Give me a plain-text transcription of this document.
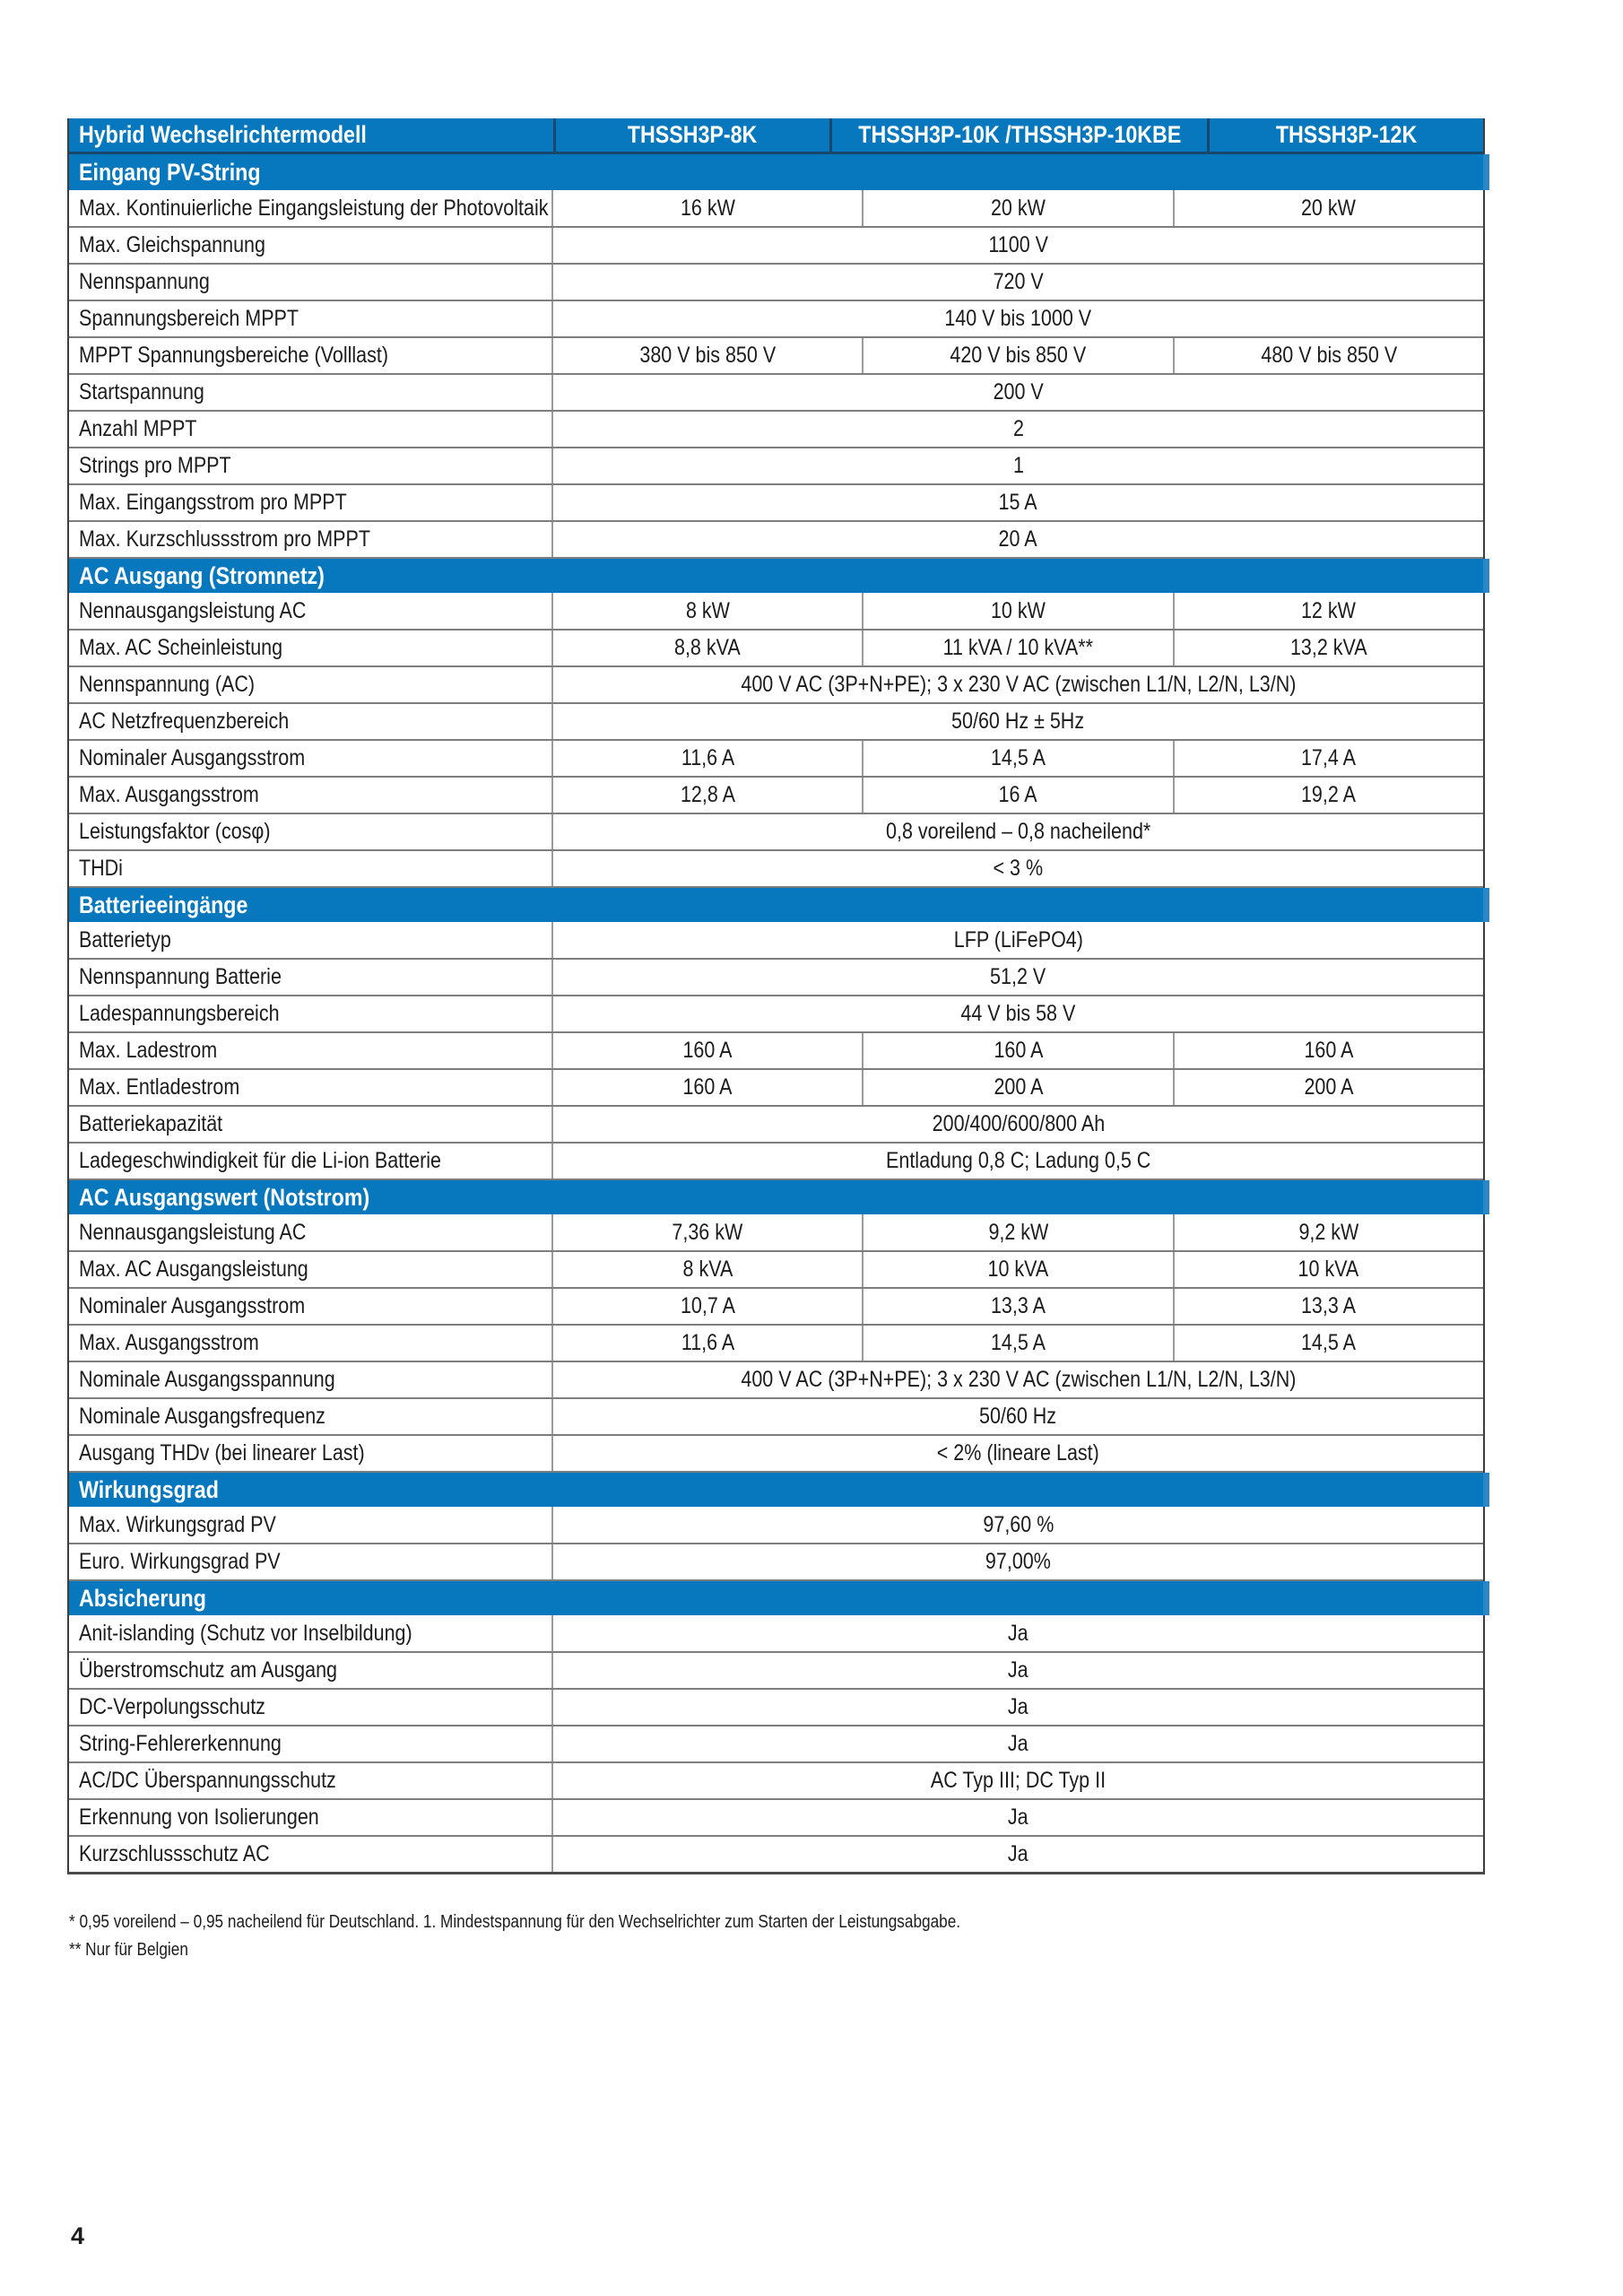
Hybrid Wechselrichtermodell	THSSH3P-8K	THSSH3P-10K /THSSH3P-10KBE	THSSH3P-12K
Eingang PV-String
Max. Kontinuierliche Eingangsleistung der Photovoltaik	16 kW	20 kW	20 kW
Max. Gleichspannung	1100 V
Nennspannung	720 V
Spannungsbereich MPPT	140 V bis 1000 V
MPPT Spannungsbereiche (Volllast)	380 V bis 850 V	420 V bis 850 V	480 V bis 850 V
Startspannung	200 V
Anzahl MPPT	2
Strings pro MPPT	1
Max. Eingangsstrom pro MPPT	15 A
Max. Kurzschlussstrom pro MPPT	20 A
AC Ausgang (Stromnetz)
Nennausgangsleistung AC	8 kW	10 kW	12 kW
Max. AC Scheinleistung	8,8 kVA	11 kVA / 10 kVA**	13,2 kVA
Nennspannung (AC)	400 V AC (3P+N+PE); 3 x 230 V AC (zwischen L1/N, L2/N, L3/N)
AC Netzfrequenzbereich	50/60 Hz ± 5Hz
Nominaler Ausgangsstrom	11,6 A	14,5 A	17,4 A
Max. Ausgangsstrom	12,8 A	16 A	19,2 A
Leistungsfaktor (cosφ)	0,8 voreilend – 0,8 nacheilend*
THDi	< 3 %
Batterieeingänge
Batterietyp	LFP (LiFePO4)
Nennspannung Batterie	51,2 V
Ladespannungsbereich	44 V bis 58 V
Max. Ladestrom	160 A	160 A	160 A
Max. Entladestrom	160 A	200 A	200 A
Batteriekapazität	200/400/600/800 Ah
Ladegeschwindigkeit für die Li-ion Batterie	Entladung 0,8 C; Ladung 0,5 C
AC Ausgangswert (Notstrom)
Nennausgangsleistung AC	7,36 kW	9,2 kW	9,2 kW
Max. AC Ausgangsleistung	8 kVA	10 kVA	10 kVA
Nominaler Ausgangsstrom	10,7 A	13,3 A	13,3 A
Max. Ausgangsstrom	11,6 A	14,5 A	14,5 A
Nominale Ausgangsspannung	400 V AC (3P+N+PE); 3 x 230 V AC (zwischen L1/N, L2/N, L3/N)
Nominale Ausgangsfrequenz	50/60 Hz
Ausgang THDv (bei linearer Last)	< 2% (lineare Last)
Wirkungsgrad
Max. Wirkungsgrad PV	97,60 %
Euro. Wirkungsgrad PV	97,00%
Absicherung
Anit-islanding (Schutz vor Inselbildung)	Ja
Überstromschutz am Ausgang	Ja
DC-Verpolungsschutz	Ja
String-Fehlererkennung	Ja
AC/DC Überspannungsschutz	AC Typ III; DC Typ II
Erkennung von Isolierungen	Ja
Kurzschlussschutz AC	Ja
* 0,95 voreilend – 0,95 nacheilend für Deutschland. 1. Mindestspannung für den Wechselrichter zum Starten der Leistungsabgabe.
** Nur für Belgien
4
